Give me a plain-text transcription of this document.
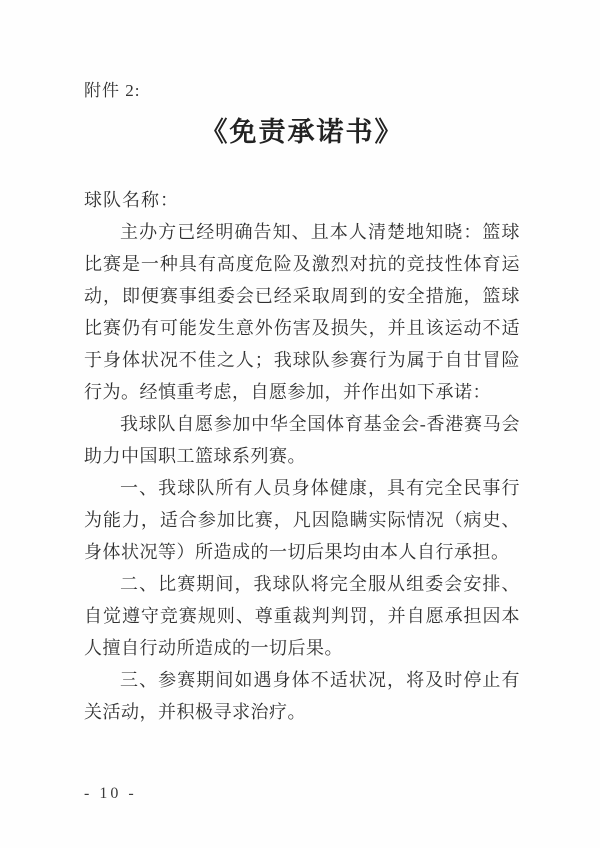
附件 2:
《免责承诺书》
球队名称：

主办方已经明确告知、且本人清楚地知晓：篮球比赛是一种具有高度危险及激烈对抗的竞技性体育运动，即便赛事组委会已经采取周到的安全措施，篮球比赛仍有可能发生意外伤害及损失，并且该运动不适于身体状况不佳之人；我球队参赛行为属于自甘冒险行为。经慎重考虑，自愿参加，并作出如下承诺：

我球队自愿参加中华全国体育基金会-香港赛马会助力中国职工篮球系列赛。

一、我球队所有人员身体健康，具有完全民事行为能力，适合参加比赛，凡因隐瞒实际情况（病史、身体状况等）所造成的一切后果均由本人自行承担。

二、比赛期间，我球队将完全服从组委会安排、自觉遵守竞赛规则、尊重裁判判罚，并自愿承担因本人擅自行动所造成的一切后果。

三、参赛期间如遇身体不适状况，将及时停止有关活动，并积极寻求治疗。

- 10 -
